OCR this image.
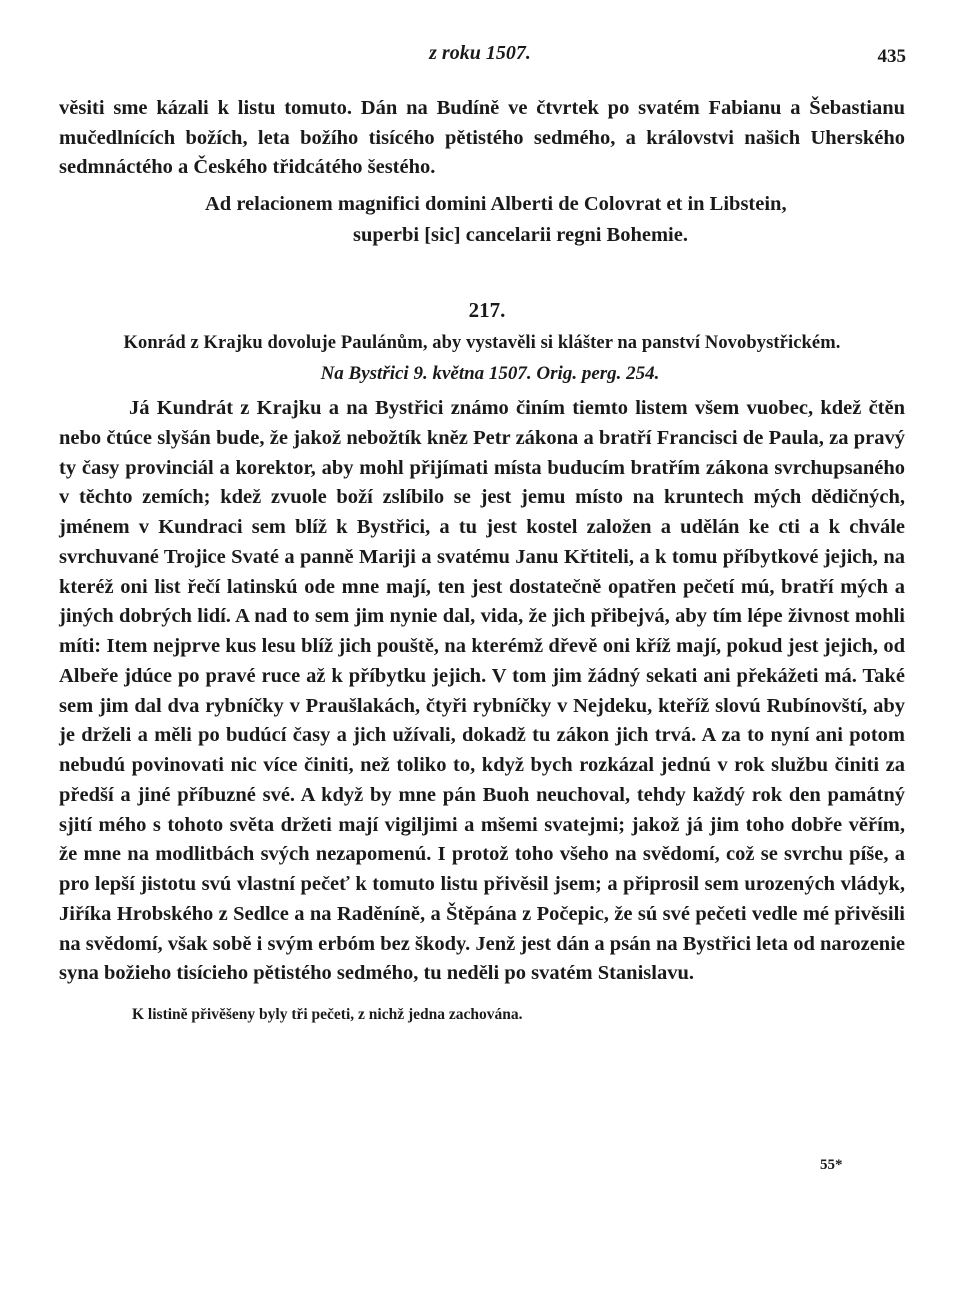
z roku 1507.	435

věsiti sme kázali k listu tomuto. Dán na Budíně ve čtvrtek po svatém Fabianu a Šebastianu mučedlnících božích, leta božího tisícého pětistého sedmého, a královstvi našich Uherského sedmnáctého a Českého třidcátého šestého.

Ad relacionem magnifici domini Alberti de Colovrat et in Libstein,
superbi [sic] cancelarii regni Bohemie.
217.
Konrád z Krajku dovoluje Paulánům, aby vystavěli si klášter na panství Novobystřickém.
Na Bystřici 9. května 1507. Orig. perg. 254.

Já Kundrát z Krajku a na Bystřici známo činím tiemto listem všem vuobec, kdež čtěn nebo čtúce slyšán bude, že jakož nebožtík kněz Petr zákona a bratří Francisci de Paula, za pravý ty časy provinciál a korektor, aby mohl přijímati místa buducím bratřím zákona svrchupsaného v těchto zemích; kdež zvuole boží zslíbilo se jest jemu místo na kruntech mých dědičných, jménem v Kundraci sem blíž k Bystřici, a tu jest kostel založen a udělán ke cti a k chvále svrchuvané Trojice Svaté a panně Mariji a svatému Janu Křtiteli, a k tomu příbytkové jejich, na kteréž oni list řečí latinskú ode mne mají, ten jest dostatečně opatřen pečetí mú, bratří mých a jiných dobrých lidí. A nad to sem jim nynie dal, vida, že jich přibejvá, aby tím lépe živnost mohli míti: Item nejprve kus lesu blíž jich pouště, na kterémž dřevě oni kříž mají, pokud jest jejich, od Albeře jdúce po pravé ruce až k příbytku jejich. V tom jim žádný sekati ani překážeti má. Také sem jim dal dva rybníčky v Praušlakách, čtyři rybníčky v Nejdeku, kteříž slovú Rubínovští, aby je drželi a měli po budúcí časy a jich užívali, dokadž tu zákon jich trvá. A za to nyní ani potom nebudú povinovati nic více činiti, než toliko to, když bych rozkázal jednú v rok službu činiti za předší a jiné příbuzné své. A když by mne pán Buoh neuchoval, tehdy každý rok den památný sjití mého s tohoto světa držeti mají vigiljimi a mšemi svatejmi; jakož já jim toho dobře věřím, že mne na modlitbách svých nezapomenú. I protož toho všeho na svědomí, což se svrchu píše, a pro lepší jistotu svú vlastní pečeť k tomuto listu přivěsil jsem; a připrosil sem urozených vládyk, Jiříka Hrobského z Sedlce a na Raděníně, a Štěpána z Počepic, že sú své pečeti vedle mé přivěsili na svědomí, však sobě i svým erbóm bez škody. Jenž jest dán a psán na Bystřici leta od narozenie syna božieho tisícieho pětistého sedmého, tu neděli po svatém Stanislavu.

K listině přivěšeny byly tři pečeti, z nichž jedna zachována.
55*
